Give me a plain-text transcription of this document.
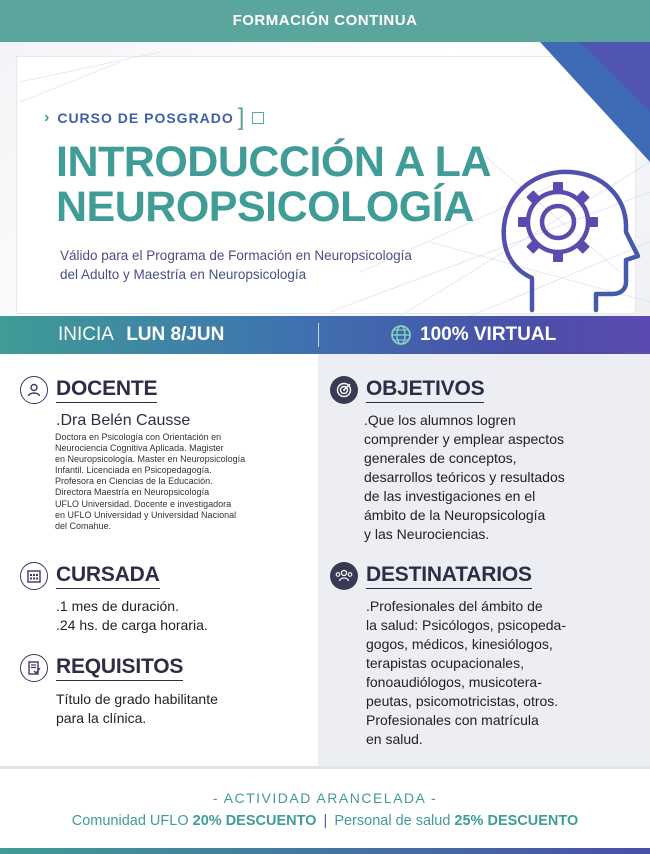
FORMACIÓN CONTINUA
› CURSO DE POSGRADO ]
INTRODUCCIÓN A LA
NEUROPSICOLOGÍA
Válido para el Programa de Formación en Neuropsicología
del Adulto y Maestría en Neuropsicología
INICIA LUN 8/JUN	100% VIRTUAL
DOCENTE
.Dra Belén Causse
Doctora en Psicología con Orientación en
Neurociencia Cognitiva Aplicada. Magister
en Neuropsicología. Master en Neuropsicología
Infantil. Licenciada en Psicopedagogía.
Profesora en Ciencias de la Educación.
Directora Maestría en Neuropsicología
UFLO Universidad. Docente e investigadora
en UFLO Universidad y Universidad Nacional
del Comahue.
CURSADA
.1 mes de duración.
.24 hs. de carga horaria.
REQUISITOS
Título de grado habilitante
para la clínica.
OBJETIVOS
.Que los alumnos logren
comprender y emplear aspectos
generales de conceptos,
desarrollos teóricos y resultados
de las investigaciones en el
ámbito de la Neuropsicología
y las Neurociencias.
DESTINATARIOS
.Profesionales del ámbito de
la salud: Psicólogos, psicopeda-
gogos, médicos, kinesiólogos,
terapistas ocupacionales,
fonoaudiólogos, musicotera-
peutas, psicomotricistas, otros.
Profesionales con matrícula
en salud.
- ACTIVIDAD ARANCELADA -
Comunidad UFLO 20% DESCUENTO | Personal de salud 25% DESCUENTO
